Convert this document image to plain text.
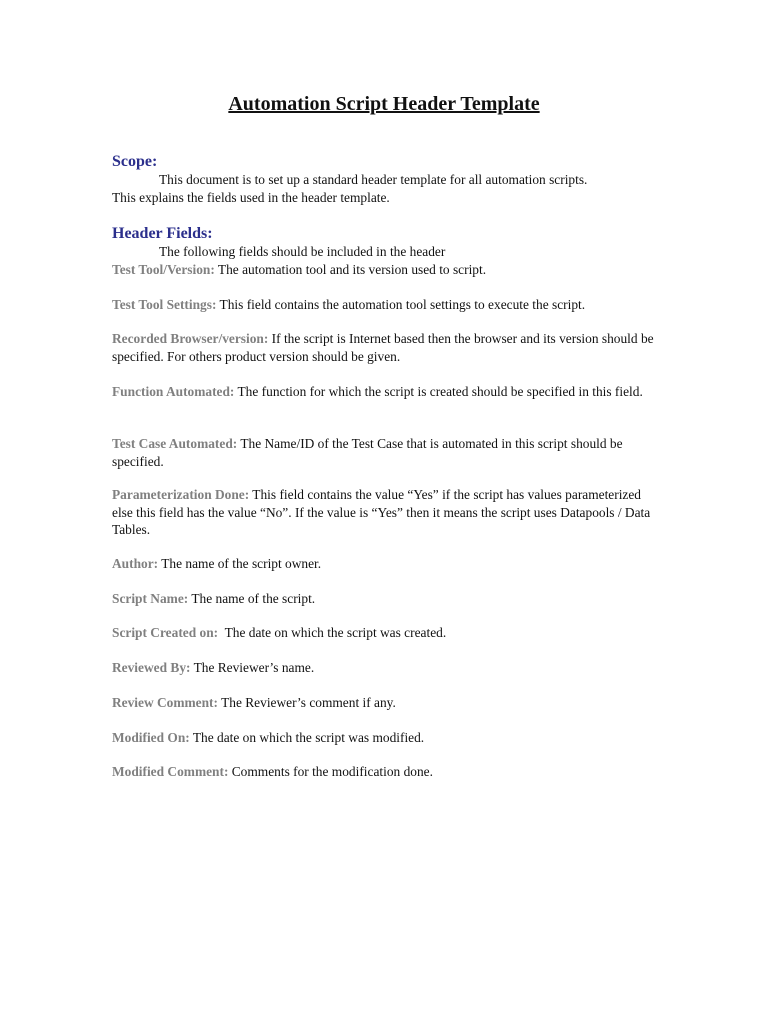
Automation Script Header Template
Scope:
This document is to set up a standard header template for all automation scripts.
This explains the fields used in the header template.
Header Fields:
The following fields should be included in the header
Test Tool/Version: The automation tool and its version used to script.
Test Tool Settings: This field contains the automation tool settings to execute the script.
Recorded Browser/version: If the script is Internet based then the browser and its version should be specified. For others product version should be given.
Function Automated: The function for which the script is created should be specified in this field.
Test Case Automated: The Name/ID of the Test Case that is automated in this script should be specified.
Parameterization Done: This field contains the value “Yes” if the script has values parameterized else this field has the value “No”. If the value is “Yes” then it means the script uses Datapools / Data Tables.
Author: The name of the script owner.
Script Name: The name of the script.
Script Created on:  The date on which the script was created.
Reviewed By: The Reviewer’s name.
Review Comment: The Reviewer’s comment if any.
Modified On: The date on which the script was modified.
Modified Comment: Comments for the modification done.
